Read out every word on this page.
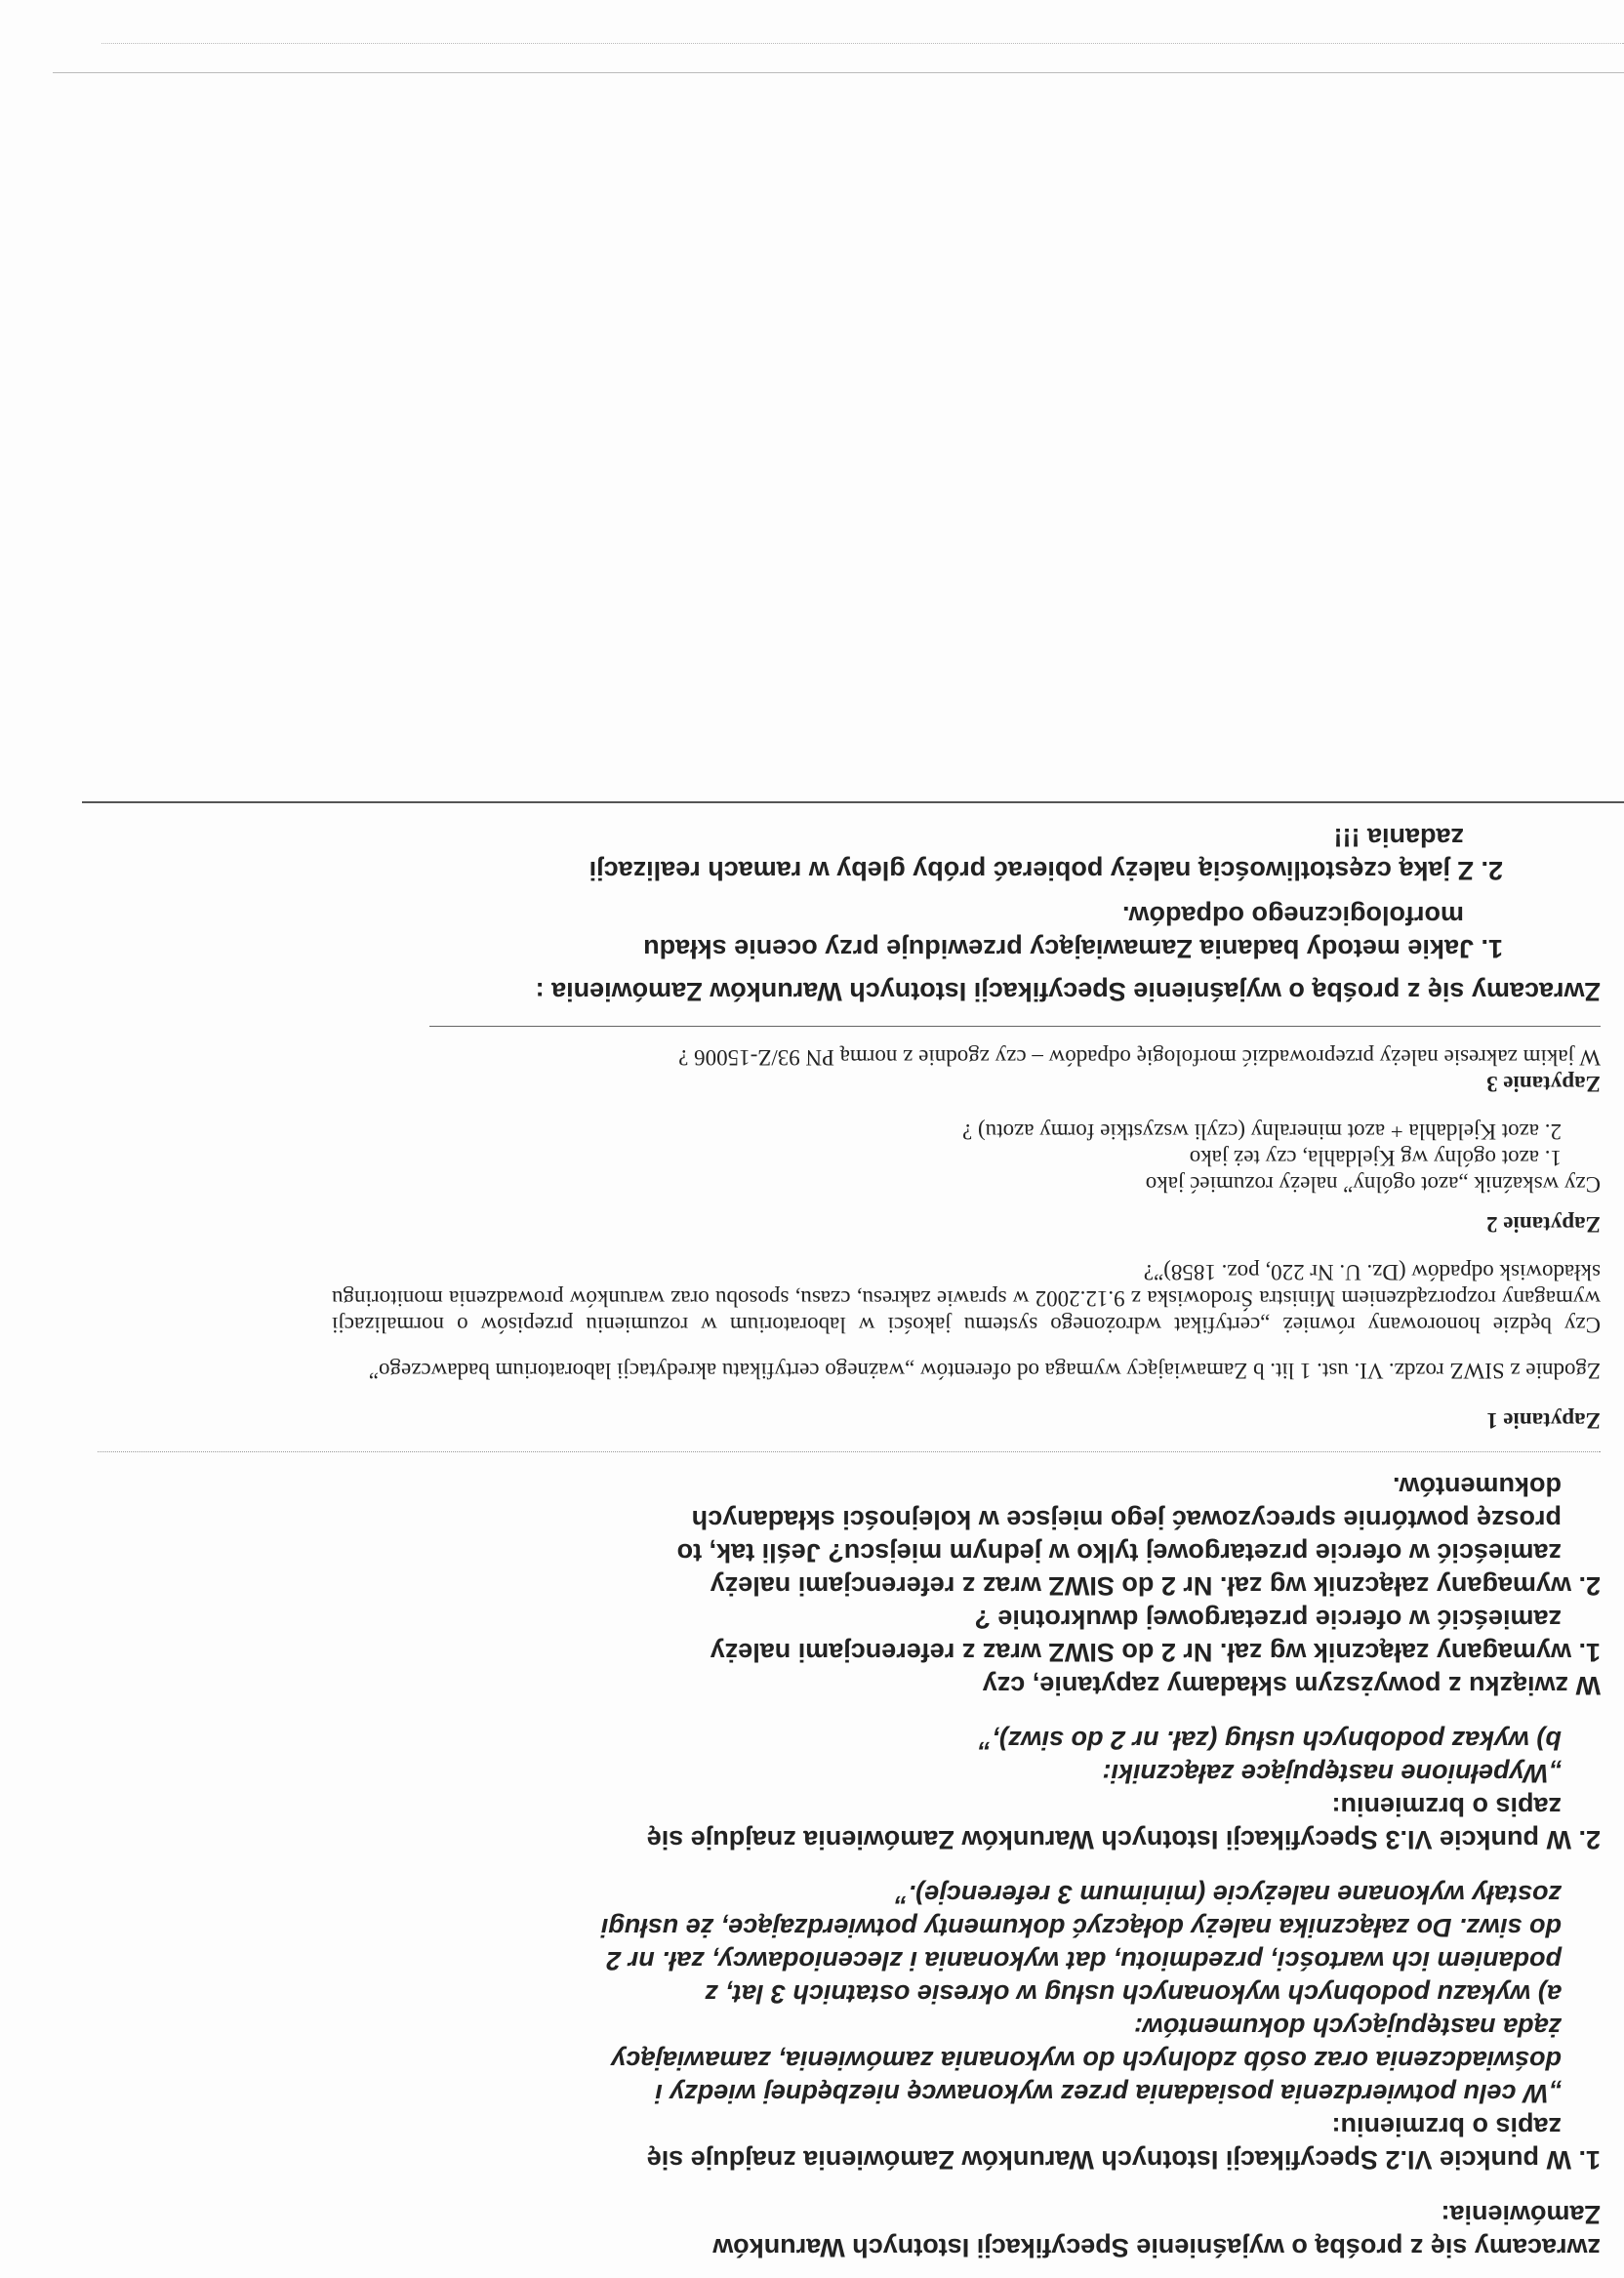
zwracamy się z prośbą o wyjaśnienie Specyfikacji Istotnych Warunków

Zamówienia:

1. W punkcie VI.2 Specyfikacji Istotnych Warunków Zamówienia znajduje się zapis o brzmieniu:

„W celu potwierdzenia posiadania przez wykonawcę niezbędnej wiedzy i doświadczenia oraz osób zdolnych do wykonania zamówienia, zamawiający żąda następujących dokumentów:

a) wykazu podobnych wykonanych usług w okresie ostatnich 3 lat, z podaniem ich wartości, przedmiotu, dat wykonania i zleceniodawcy, zał. nr 2 do siwz. Do załącznika należy dołączyć dokumenty potwierdzające, że usługi zostały wykonane należycie (minimum 3 referencje).”

2. W punkcie VI.3 Specyfikacji Istotnych Warunków Zamówienia znajduje się zapis o brzmieniu:

„Wypełnione następujące załączniki:

b) wykaz podobnych usług (zał. nr 2 do siwz),”

W związku z powyższym składamy zapytanie, czy

1. wymagany załącznik wg zał. Nr 2 do SIWZ wraz z referencjami należy zamieścić w ofercie przetargowej dwukrotnie ?

2. wymagany załącznik wg zał. Nr 2 do SIWZ wraz z referencjami należy zamieścić w ofercie przetargowej tylko w jednym miejscu? Jeśli tak, to proszę powtórnie sprecyzować jego miejsce w kolejności składanych dokumentów.

Zapytanie 1

Zgodnie z SIWZ rozdz. VI. ust. 1 lit. b Zamawiający wymaga od oferentów „ważnego certyfikatu akredytacji laboratorium badawczego”

Czy będzie honorowany również „certyfikat wdrożonego systemu jakości w laboratorium w rozumieniu przepisów o normalizacji wymagany rozporządzeniem Ministra Środowiska z 9.12.2002 w sprawie zakresu, czasu, sposobu oraz warunków prowadzenia monitoringu składowisk odpadów (Dz. U. Nr 220, poz. 1858)”?

Zapytanie 2

Czy wskaźnik „azot ogólny” należy rozumieć jako

1. azot ogólny wg Kjeldahla, czy też jako

2. azot Kjeldahla + azot mineralny (czyli wszystkie formy azotu) ?

Zapytanie 3

W jakim zakresie należy przeprowadzić morfologię odpadów – czy zgodnie z normą PN 93/Z-15006 ?

Zwracamy się z prośbą o wyjaśnienie Specyfikacji Istotnych Warunków Zamówienia :

1. Jakie metody badania Zamawiający przewiduje przy ocenie składu morfologicznego odpadów.

2. Z jaką częstotliwością należy pobierać próby gleby w ramach realizacji zadania !!!
